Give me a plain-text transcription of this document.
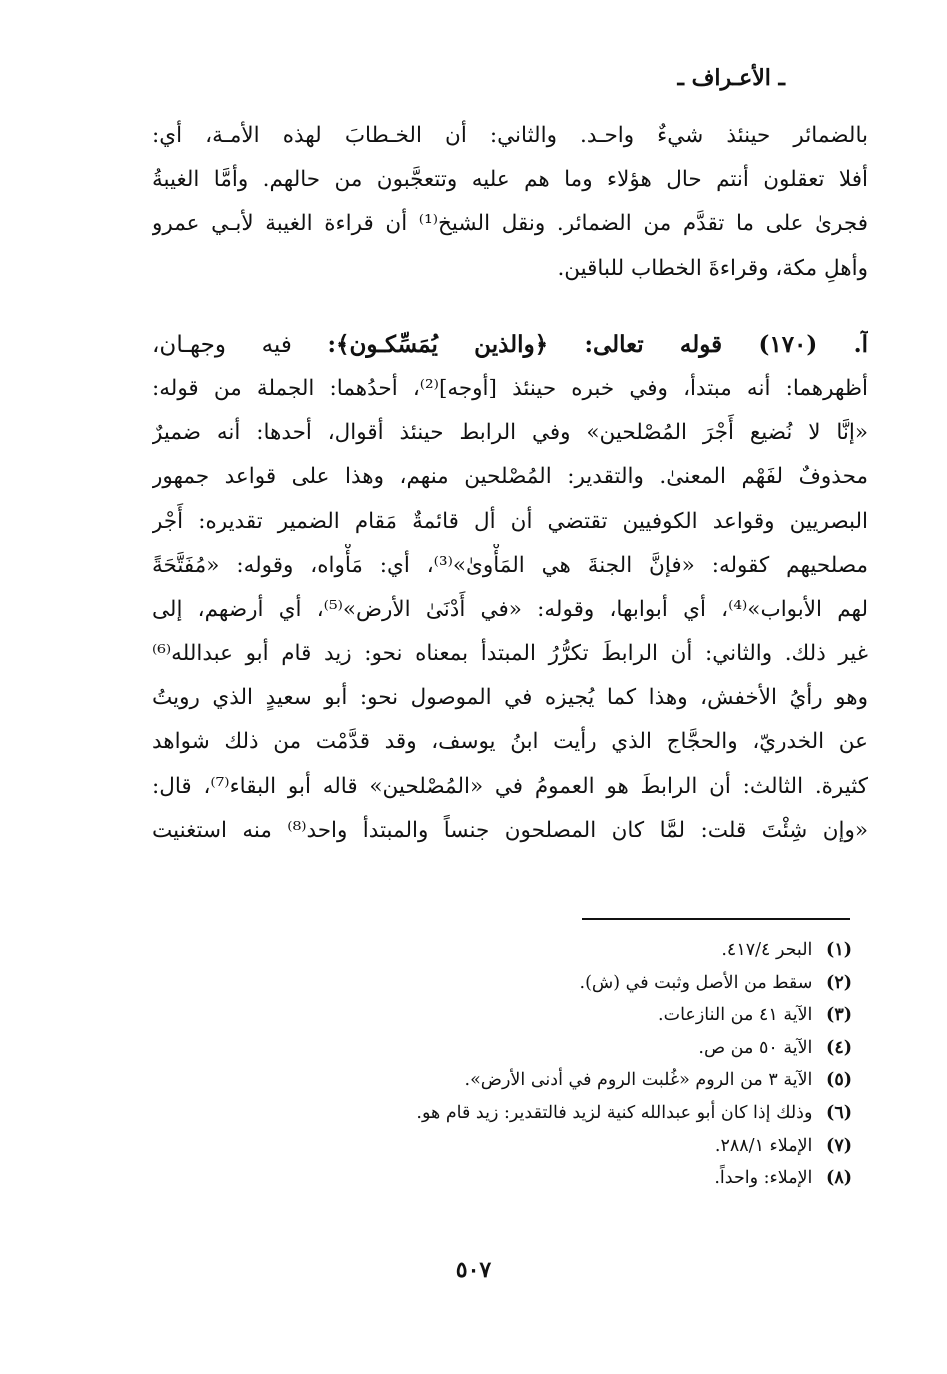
ـ الأعـراف ـ
بالضمائر حينئذ شيءٌ واحـد. والثاني: أن الخـطابَ لهذه الأمـة، أي:
أفلا تعقلون أنتم حال هؤلاء وما هم عليه وتتعجَّبون من حالهم. وأمَّا الغيبةُ
فجرىٰ على ما تقدَّم من الضمائر. ونقل الشيخ⁽¹⁾ أن قراءة الغيبة لأبـي عمرو
وأهلِ مكة، وقراءةَ الخطاب للباقين.
آ. (١٧٠) قوله تعالى: ﴿والذين يُمَسِّكـون﴾: فيه وجهـان،
أظهرهما: أنه مبتدأ، وفي خبره حينئذ [أوجه]⁽²⁾، أحدُهما: الجملة من قوله:
«إنَّا لا نُضيع أَجْرَ المُصْلحين» وفي الرابط حينئذ أقوال، أحدها: أنه ضميرٌ
محذوفٌ لفَهْم المعنىٰ. والتقدير: المُصْلحين منهم، وهذا على قواعد جمهور
البصريين وقواعد الكوفيين تقتضي أن أل قائمةٌ مَقام الضمير تقديره: أَجْر
مصلحيهم كقوله: «فإنَّ الجنةَ هي المَأْوىٰ»⁽³⁾، أي: مَأْواه، وقوله: «مُفَتَّحَةً
لهم الأبواب»⁽⁴⁾، أي أبوابها، وقوله: «في أَدْنَىٰ الأرض»⁽⁵⁾، أي أرضهم، إلى
غير ذلك. والثاني: أن الرابطَ تكرُّرُ المبتدأ بمعناه نحو: زيد قام أبو عبدالله⁽⁶⁾
وهو رأيُ الأخفش، وهذا كما يُجيزه في الموصول نحو: أبو سعيدٍ الذي رويتُ
عن الخدريّ، والحجَّاج الذي رأيت ابنُ يوسف، وقد قدَّمْت من ذلك شواهد
كثيرة. الثالث: أن الرابطَ هو العمومُ في «المُصْلحين» قاله أبو البقاء⁽⁷⁾، قال:
«وإن شِئْتَ قلت: لمَّا كان المصلحون جنساً والمبتدأ واحد⁽⁸⁾ منه استغنيت
(١) البحر ٤١٧/٤.
(٢) سقط من الأصل وثبت في (ش).
(٣) الآية ٤١ من النازعات.
(٤) الآية ٥٠ من ص.
(٥) الآية ٣ من الروم «غُلبت الروم في أدنى الأرض».
(٦) وذلك إذا كان أبو عبدالله كنية لزيد فالتقدير: زيد قام هو.
(٧) الإملاء ٢٨٨/١.
(٨) الإملاء: واحداً.
٥٠٧
